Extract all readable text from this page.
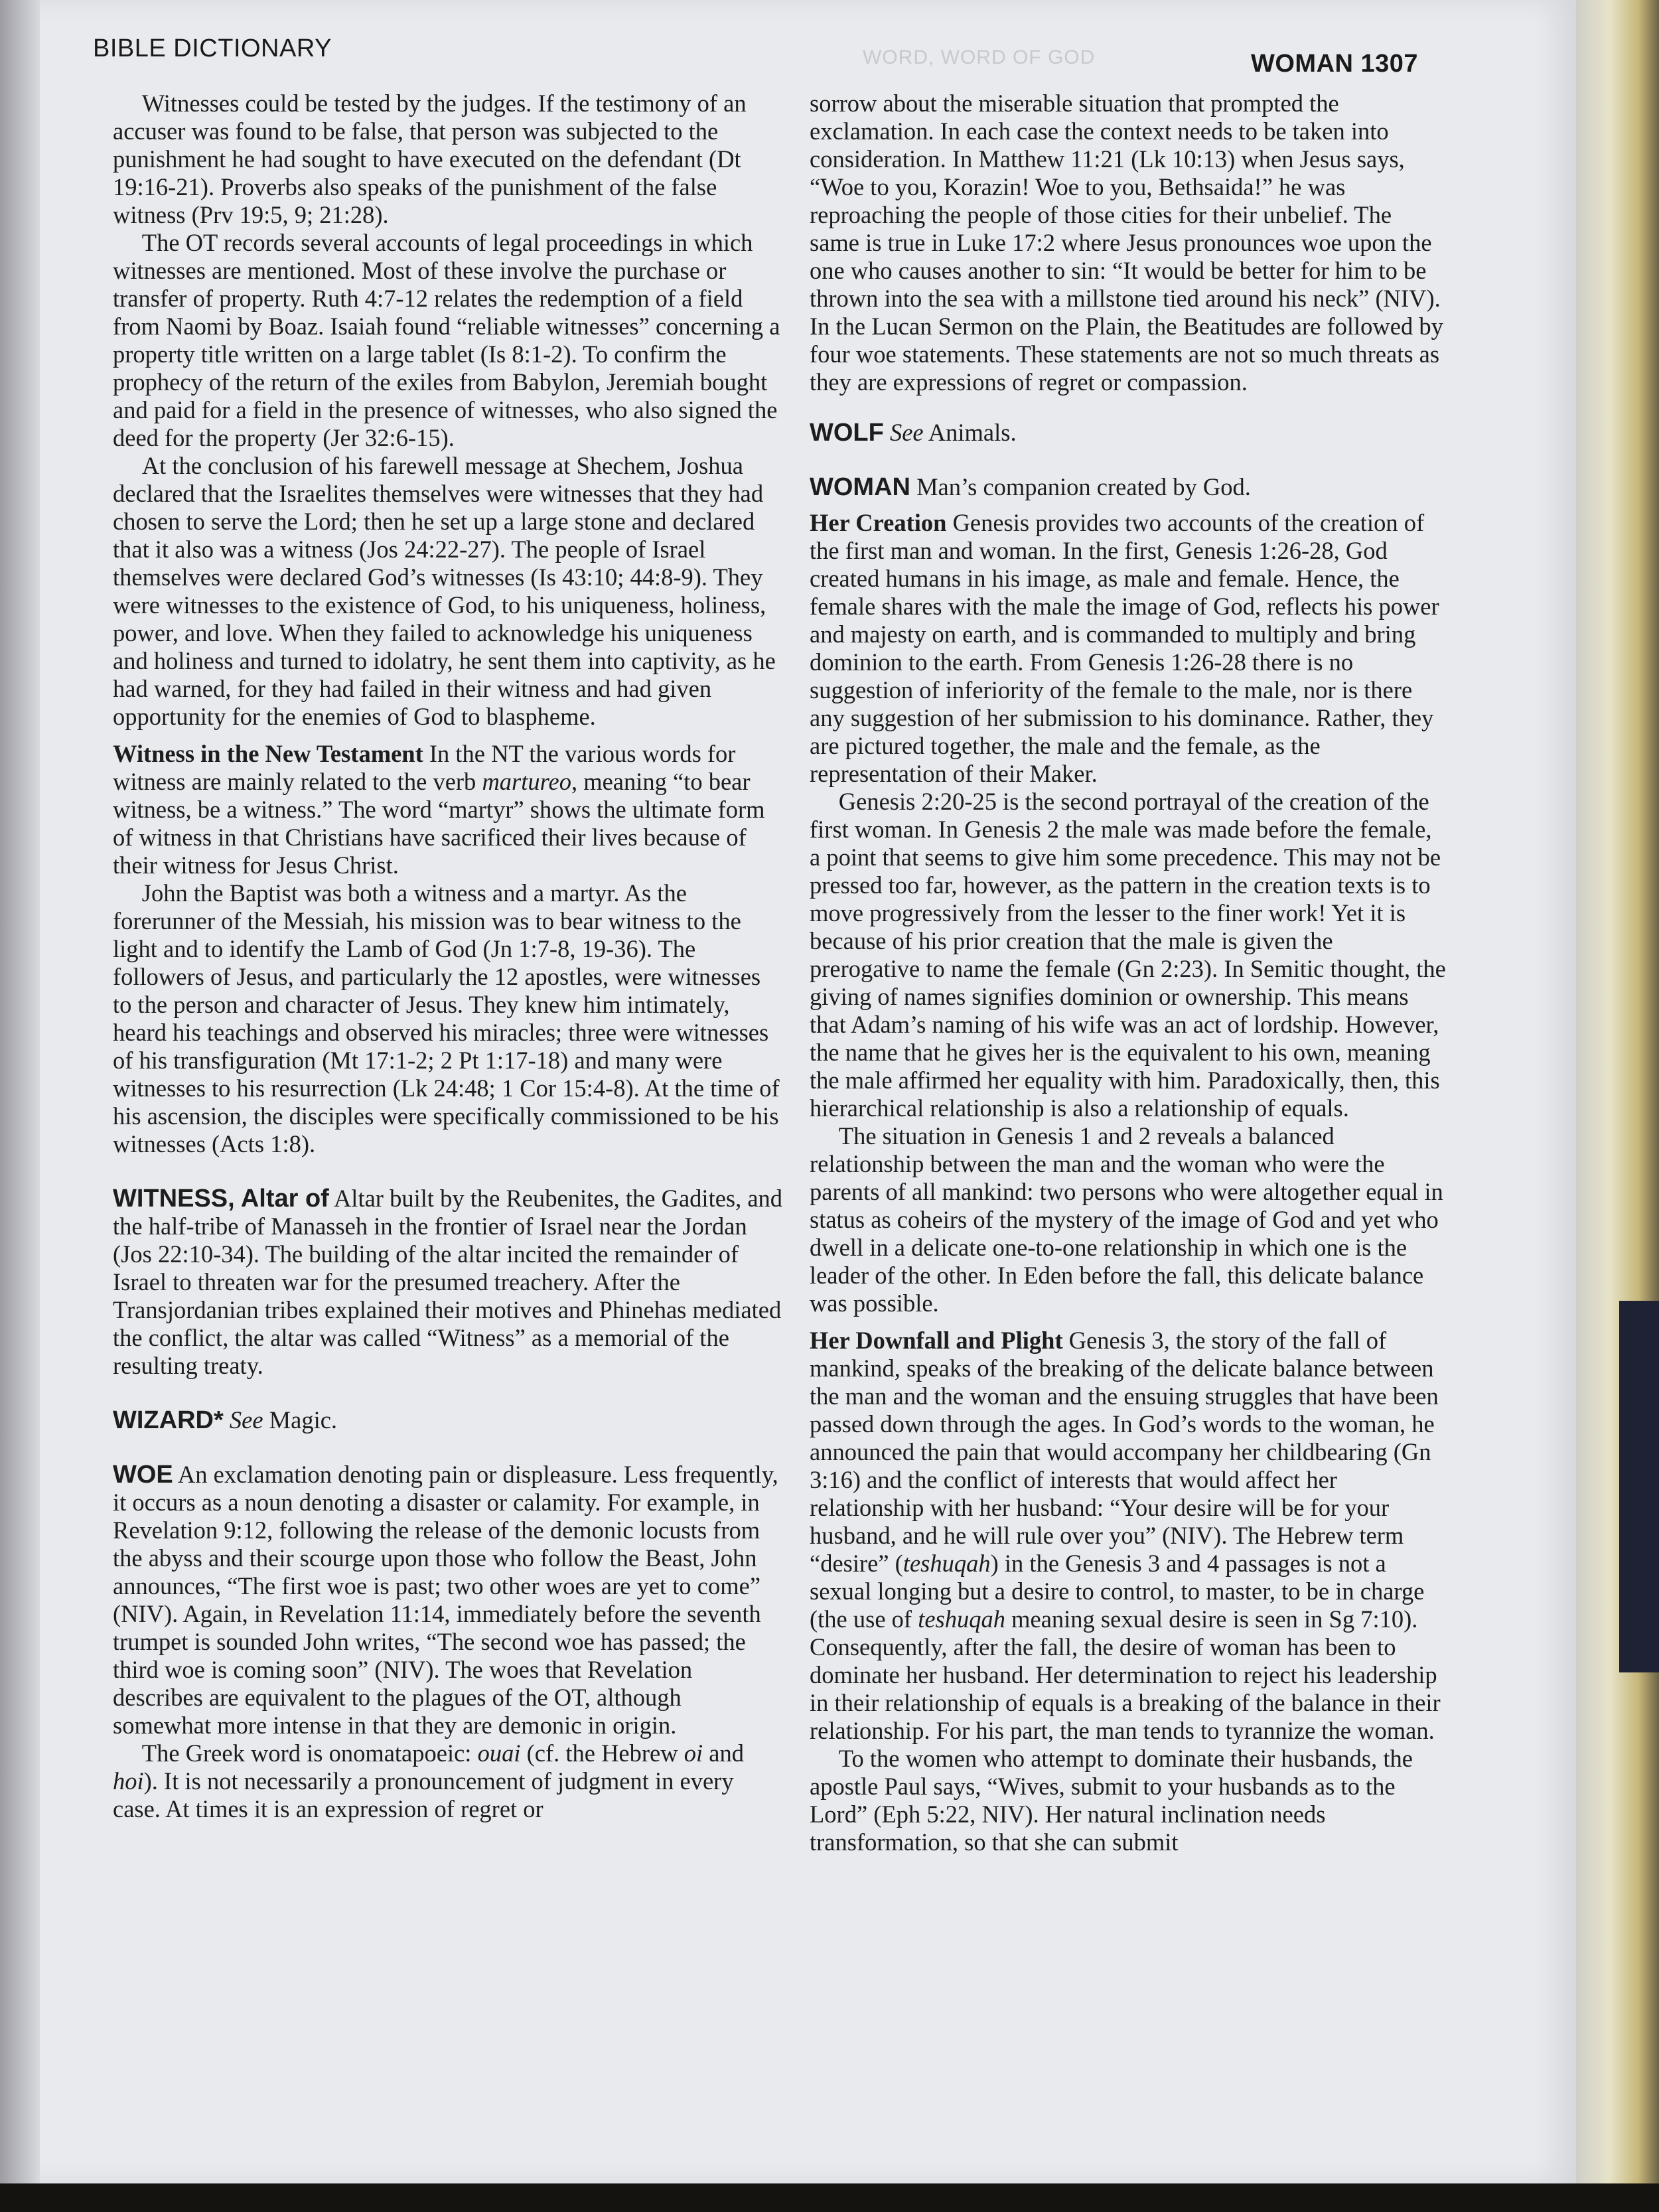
BIBLE DICTIONARY	WORD, WORD OF GOD	WOMAN 1307

Witnesses could be tested by the judges. If the testimony of an accuser was found to be false, that person was subjected to the punishment he had sought to have executed on the defendant (Dt 19:16-21). Proverbs also speaks of the punishment of the false witness (Prv 19:5, 9; 21:28).

The OT records several accounts of legal proceedings in which witnesses are mentioned. Most of these involve the purchase or transfer of property. Ruth 4:7-12 relates the redemption of a field from Naomi by Boaz. Isaiah found “reliable witnesses” concerning a property title written on a large tablet (Is 8:1-2). To confirm the prophecy of the return of the exiles from Babylon, Jeremiah bought and paid for a field in the presence of witnesses, who also signed the deed for the property (Jer 32:6-15).

At the conclusion of his farewell message at Shechem, Joshua declared that the Israelites themselves were witnesses that they had chosen to serve the Lord; then he set up a large stone and declared that it also was a witness (Jos 24:22-27). The people of Israel themselves were declared God’s witnesses (Is 43:10; 44:8-9). They were witnesses to the existence of God, to his uniqueness, holiness, power, and love. When they failed to acknowledge his uniqueness and holiness and turned to idolatry, he sent them into captivity, as he had warned, for they had failed in their witness and had given opportunity for the enemies of God to blaspheme.

Witness in the New Testament In the NT the various words for witness are mainly related to the verb martureo, meaning “to bear witness, be a witness.” The word “martyr” shows the ultimate form of witness in that Christians have sacrificed their lives because of their witness for Jesus Christ.

John the Baptist was both a witness and a martyr. As the forerunner of the Messiah, his mission was to bear witness to the light and to identify the Lamb of God (Jn 1:7-8, 19-36). The followers of Jesus, and particularly the 12 apostles, were witnesses to the person and character of Jesus. They knew him intimately, heard his teachings and observed his miracles; three were witnesses of his transfiguration (Mt 17:1-2; 2 Pt 1:17-18) and many were witnesses to his resurrection (Lk 24:48; 1 Cor 15:4-8). At the time of his ascension, the disciples were specifically commissioned to be his witnesses (Acts 1:8).

WITNESS, Altar of Altar built by the Reubenites, the Gadites, and the half-tribe of Manasseh in the frontier of Israel near the Jordan (Jos 22:10-34). The building of the altar incited the remainder of Israel to threaten war for the presumed treachery. After the Transjordanian tribes explained their motives and Phinehas mediated the conflict, the altar was called “Witness” as a memorial of the resulting treaty.

WIZARD* See Magic.

WOE An exclamation denoting pain or displeasure. Less frequently, it occurs as a noun denoting a disaster or calamity. For example, in Revelation 9:12, following the release of the demonic locusts from the abyss and their scourge upon those who follow the Beast, John announces, “The first woe is past; two other woes are yet to come” (NIV). Again, in Revelation 11:14, immediately before the seventh trumpet is sounded John writes, “The second woe has passed; the third woe is coming soon” (NIV). The woes that Revelation describes are equivalent to the plagues of the OT, although somewhat more intense in that they are demonic in origin.

The Greek word is onomatapoeic: ouai (cf. the Hebrew oi and hoi). It is not necessarily a pronouncement of judgment in every case. At times it is an expression of regret or

sorrow about the miserable situation that prompted the exclamation. In each case the context needs to be taken into consideration. In Matthew 11:21 (Lk 10:13) when Jesus says, “Woe to you, Korazin! Woe to you, Bethsaida!” he was reproaching the people of those cities for their unbelief. The same is true in Luke 17:2 where Jesus pronounces woe upon the one who causes another to sin: “It would be better for him to be thrown into the sea with a millstone tied around his neck” (NIV). In the Lucan Sermon on the Plain, the Beatitudes are followed by four woe statements. These statements are not so much threats as they are expressions of regret or compassion.

WOLF See Animals.

WOMAN Man’s companion created by God.

Her Creation Genesis provides two accounts of the creation of the first man and woman. In the first, Genesis 1:26-28, God created humans in his image, as male and female. Hence, the female shares with the male the image of God, reflects his power and majesty on earth, and is commanded to multiply and bring dominion to the earth. From Genesis 1:26-28 there is no suggestion of inferiority of the female to the male, nor is there any suggestion of her submission to his dominance. Rather, they are pictured together, the male and the female, as the representation of their Maker.

Genesis 2:20-25 is the second portrayal of the creation of the first woman. In Genesis 2 the male was made before the female, a point that seems to give him some precedence. This may not be pressed too far, however, as the pattern in the creation texts is to move progressively from the lesser to the finer work! Yet it is because of his prior creation that the male is given the prerogative to name the female (Gn 2:23). In Semitic thought, the giving of names signifies dominion or ownership. This means that Adam’s naming of his wife was an act of lordship. However, the name that he gives her is the equivalent to his own, meaning the male affirmed her equality with him. Paradoxically, then, this hierarchical relationship is also a relationship of equals.

The situation in Genesis 1 and 2 reveals a balanced relationship between the man and the woman who were the parents of all mankind: two persons who were altogether equal in status as coheirs of the mystery of the image of God and yet who dwell in a delicate one-to-one relationship in which one is the leader of the other. In Eden before the fall, this delicate balance was possible.

Her Downfall and Plight Genesis 3, the story of the fall of mankind, speaks of the breaking of the delicate balance between the man and the woman and the ensuing struggles that have been passed down through the ages. In God’s words to the woman, he announced the pain that would accompany her childbearing (Gn 3:16) and the conflict of interests that would affect her relationship with her husband: “Your desire will be for your husband, and he will rule over you” (NIV). The Hebrew term “desire” (teshuqah) in the Genesis 3 and 4 passages is not a sexual longing but a desire to control, to master, to be in charge (the use of teshuqah meaning sexual desire is seen in Sg 7:10). Consequently, after the fall, the desire of woman has been to dominate her husband. Her determination to reject his leadership in their relationship of equals is a breaking of the balance in their relationship. For his part, the man tends to tyrannize the woman.

To the women who attempt to dominate their husbands, the apostle Paul says, “Wives, submit to your husbands as to the Lord” (Eph 5:22, NIV). Her natural inclination needs transformation, so that she can submit
